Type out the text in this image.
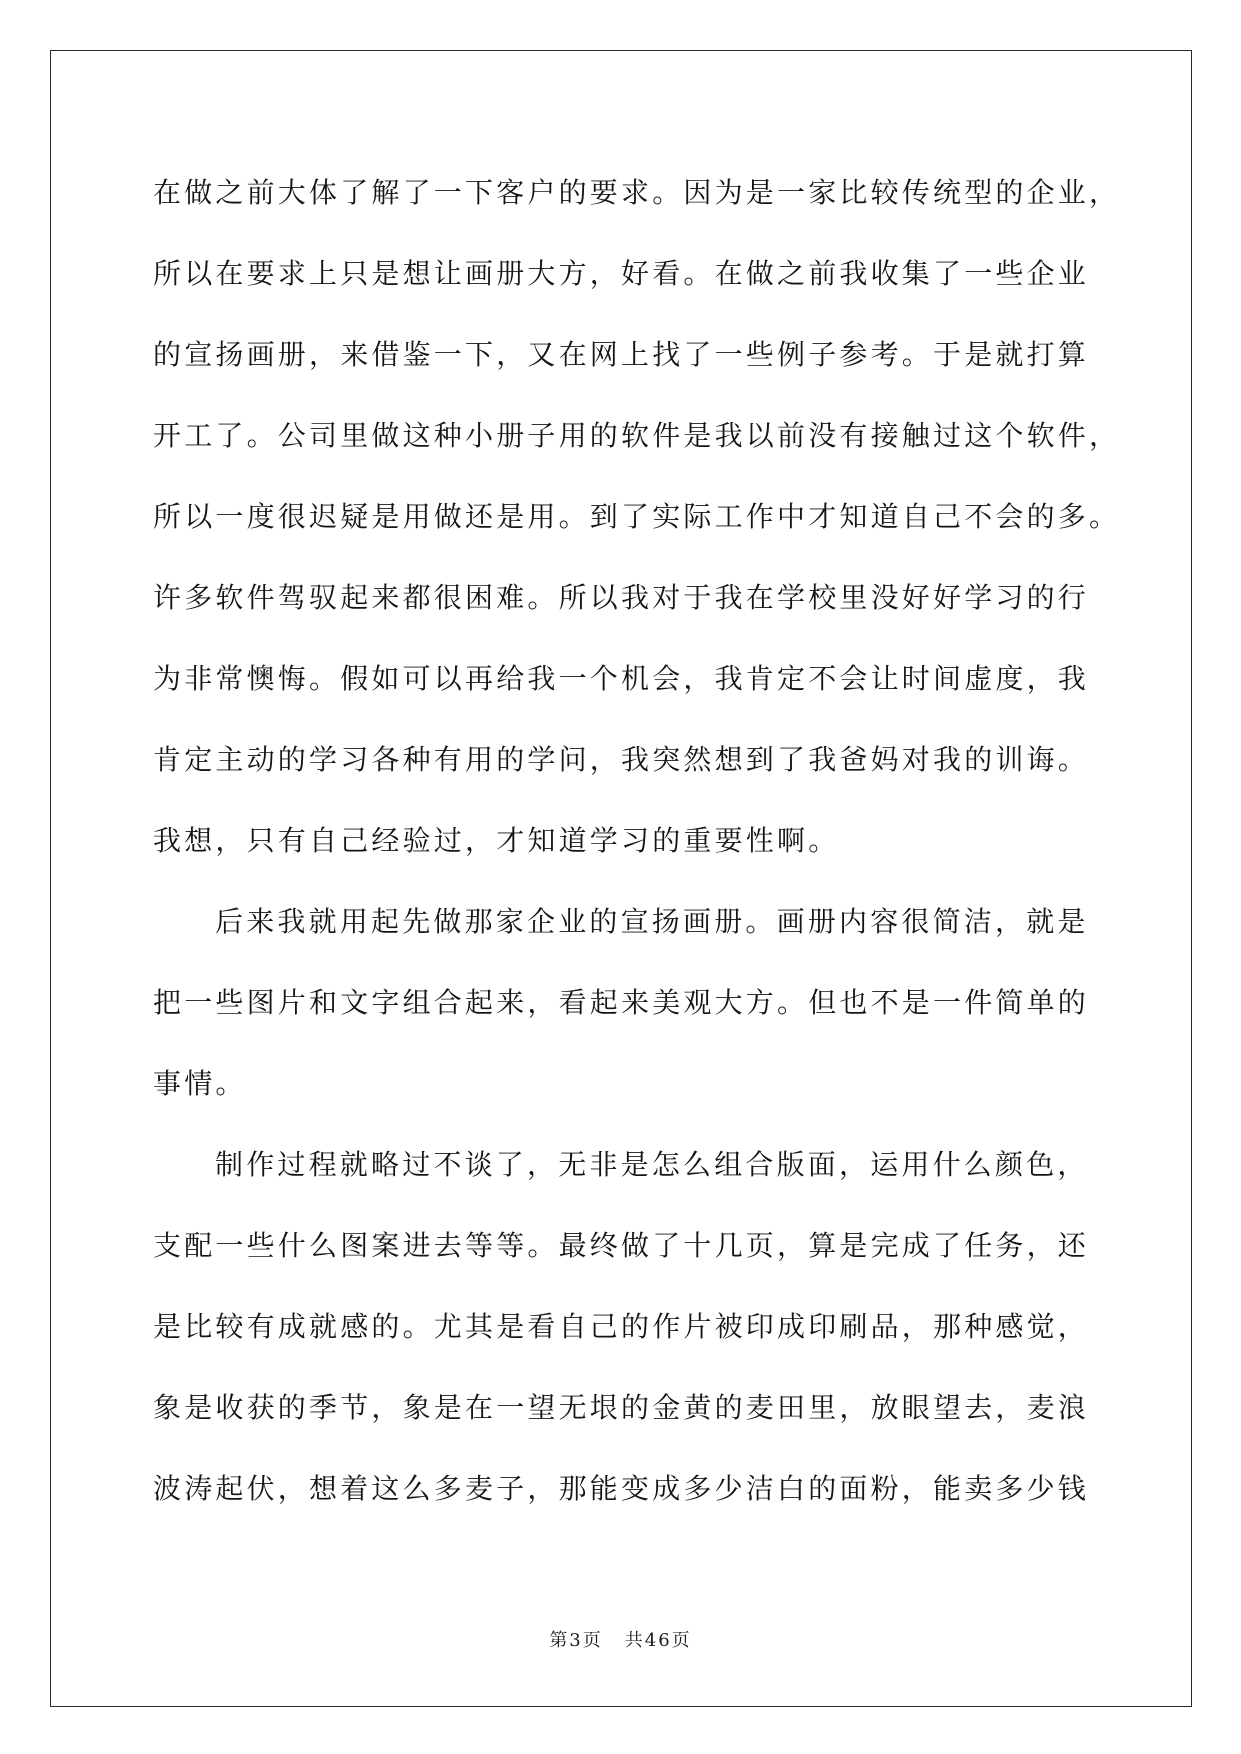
在做之前大体了解了一下客户的要求。因为是一家比较传统型的企业，
所以在要求上只是想让画册大方，好看。在做之前我收集了一些企业
的宣扬画册，来借鉴一下，又在网上找了一些例子参考。于是就打算
开工了。公司里做这种小册子用的软件是我以前没有接触过这个软件，
所以一度很迟疑是用做还是用。到了实际工作中才知道自己不会的多。
许多软件驾驭起来都很困难。所以我对于我在学校里没好好学习的行
为非常懊悔。假如可以再给我一个机会，我肯定不会让时间虚度，我
肯定主动的学习各种有用的学问，我突然想到了我爸妈对我的训诲。
我想，只有自己经验过，才知道学习的重要性啊。
后来我就用起先做那家企业的宣扬画册。画册内容很简洁，就是
把一些图片和文字组合起来，看起来美观大方。但也不是一件简单的
事情。
制作过程就略过不谈了，无非是怎么组合版面，运用什么颜色，
支配一些什么图案进去等等。最终做了十几页，算是完成了任务，还
是比较有成就感的。尤其是看自己的作片被印成印刷品，那种感觉，
象是收获的季节，象是在一望无垠的金黄的麦田里，放眼望去，麦浪
波涛起伏，想着这么多麦子，那能变成多少洁白的面粉，能卖多少钱
第3页 共46页
